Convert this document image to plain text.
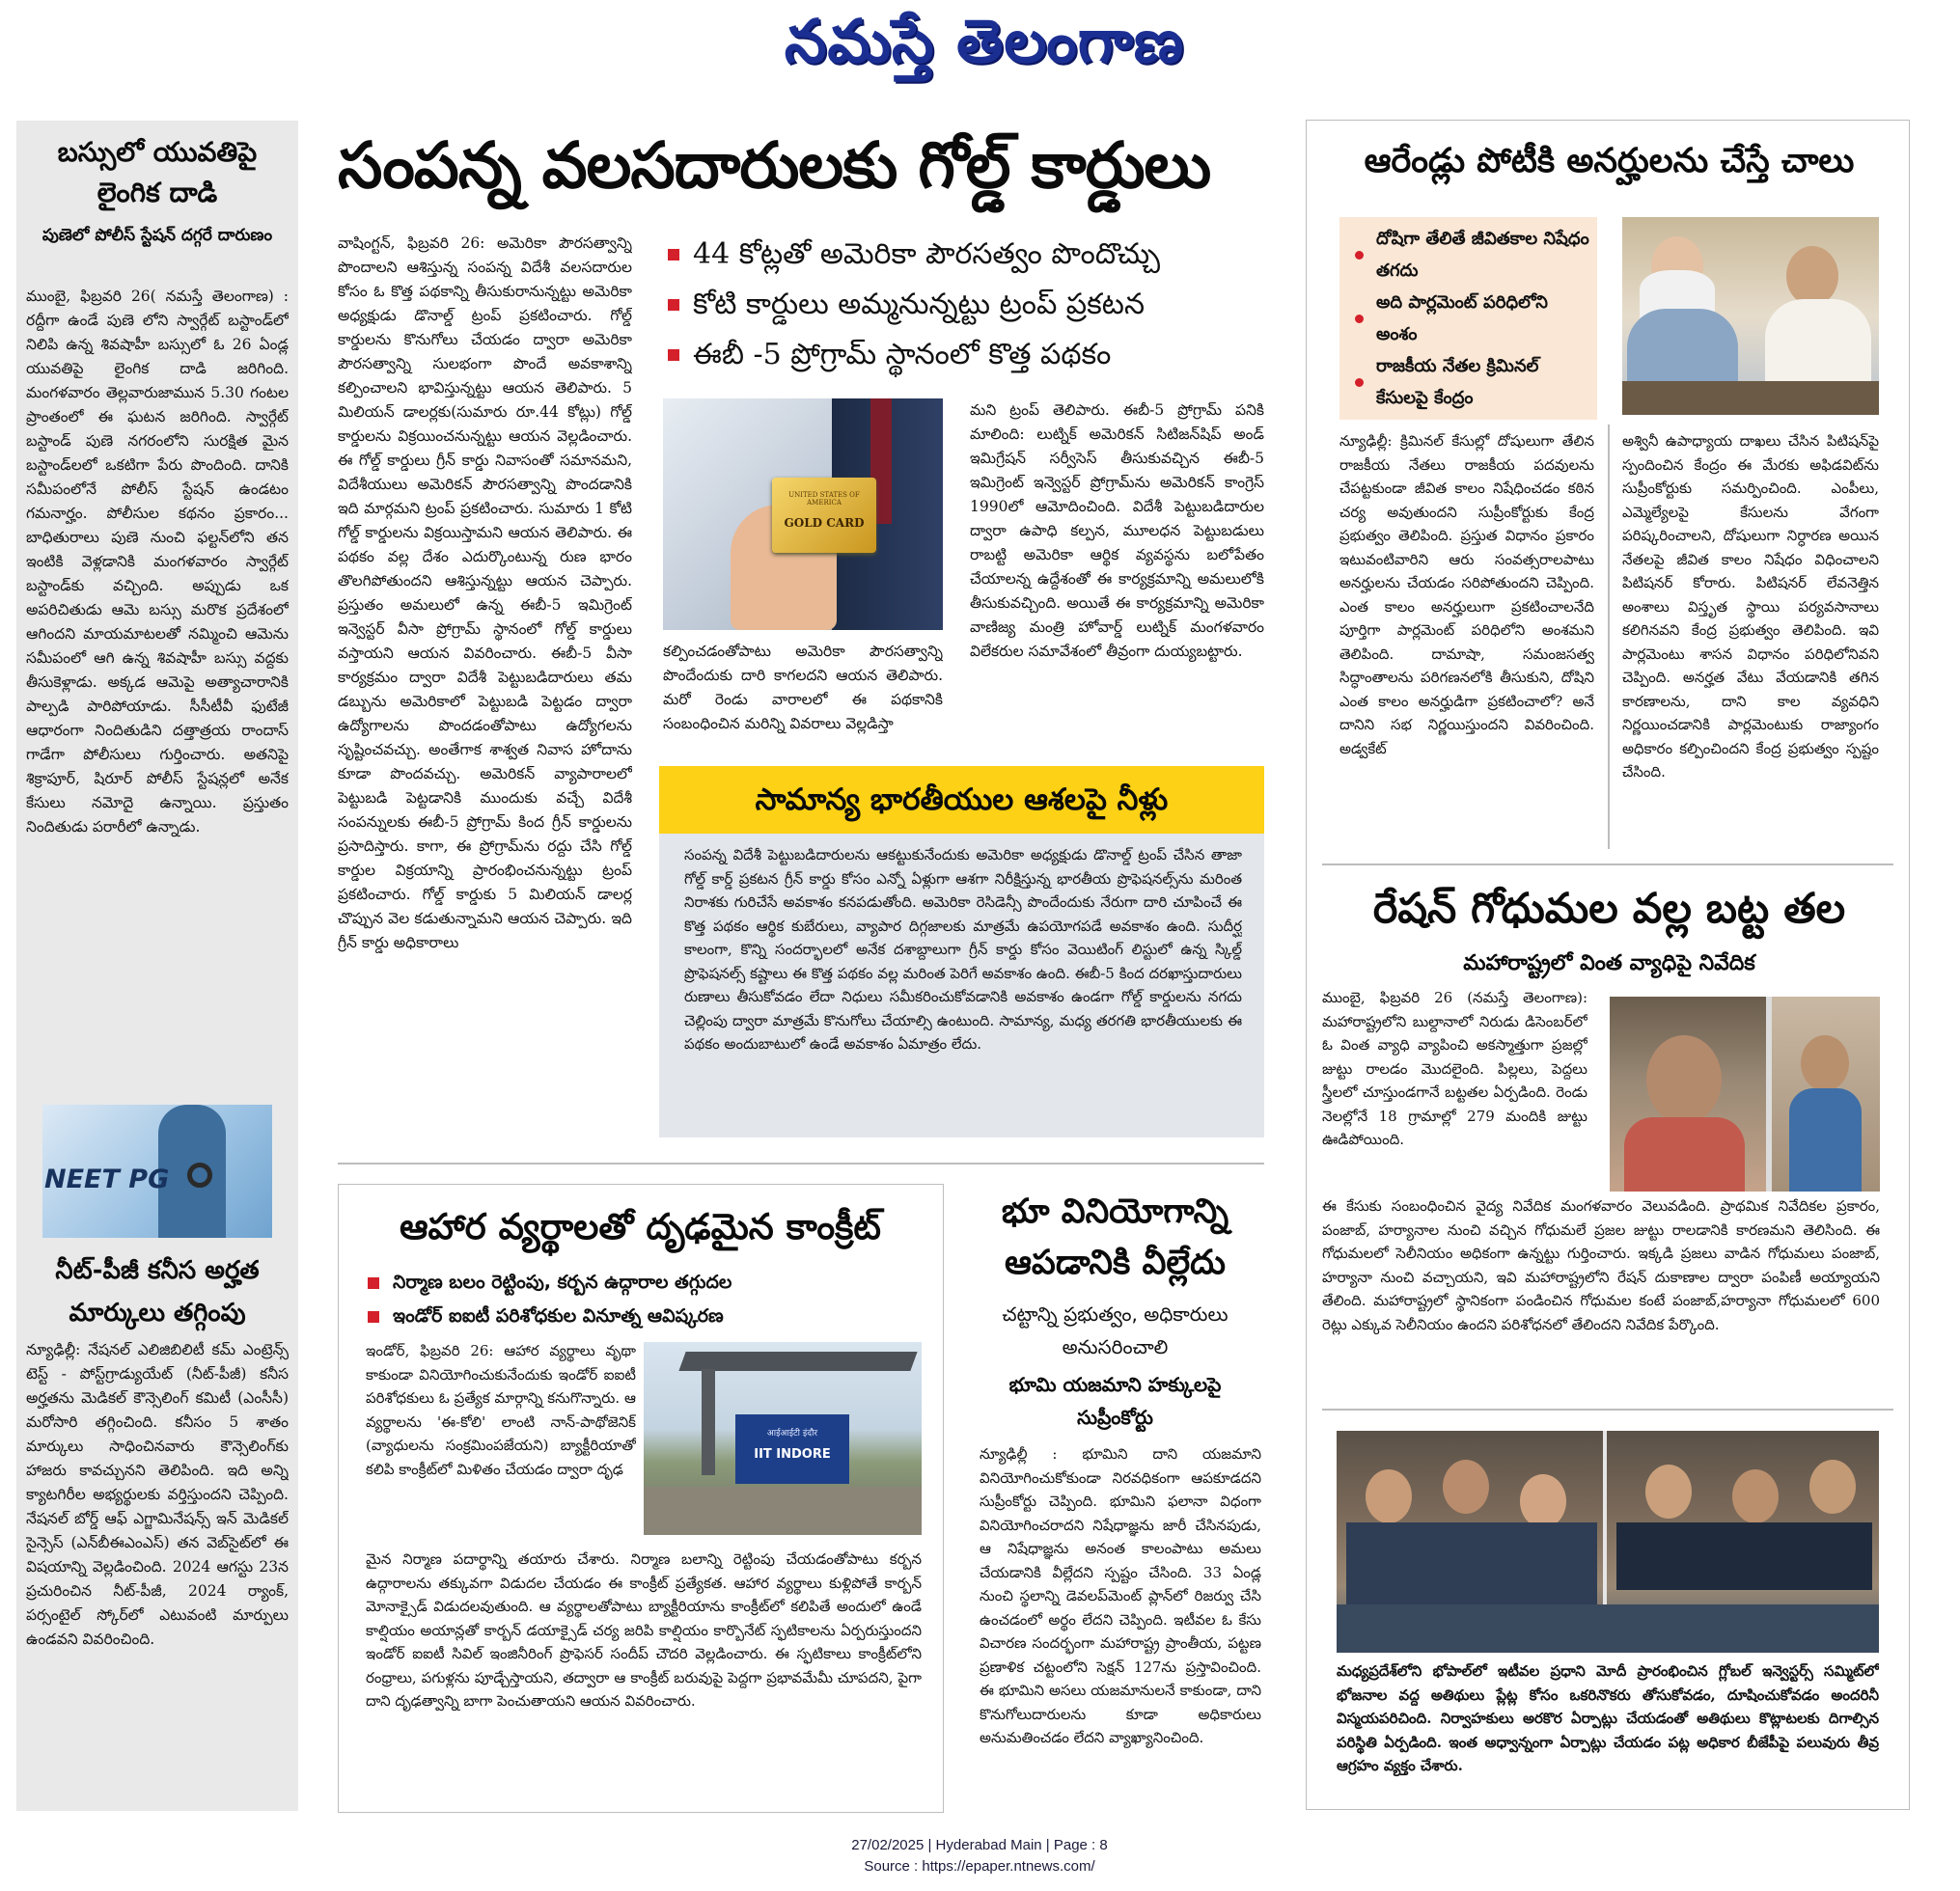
నమస్తే తెలంగాణ
బస్సులో యువతిపై లైంగిక దాడి
పుణెలో పోలీస్ స్టేషన్ దగ్గరే దారుణం
ముంబై, ఫిబ్రవరి 26( నమస్తే తెలంగాణ) : రద్దీగా ఉండే పుణె లోని స్వార్గేట్ బస్టాండ్‌లో నిలిపి ఉన్న శివషాహీ బస్సులో ఓ 26 ఏండ్ల యువతిపై లైంగిక దాడి జరిగింది. మంగళవారం తెల్లవారుజామున 5.30 గంటల ప్రాంతంలో ఈ ఘటన జరిగింది. స్వార్గేట్ బస్టాండ్ పుణె నగరంలోని సురక్షిత మైన బస్టాండ్‌లలో ఒకటిగా పేరు పొందింది. దానికి సమీపంలోనే పోలీస్ స్టేషన్ ఉండటం గమనార్హం. పోలీసుల కథనం ప్రకారం... బాధితురాలు పుణె నుంచి ఫల్టన్‌లోని తన ఇంటికి వెళ్లడానికి మంగళవారం స్వార్గేట్ బస్టాండ్‌కు వచ్చింది. అప్పుడు ఒక అపరిచితుడు ఆమె బస్సు మరొక ప్రదేశంలో ఆగిందని మాయమాటలతో నమ్మించి ఆమెను సమీపంలో ఆగి ఉన్న శివషాహీ బస్సు వద్దకు తీసుకెళ్లాడు. అక్కడ ఆమెపై అత్యాచారానికి పాల్పడి పారిపోయాడు. సీసీటీవీ ఫుటేజీ ఆధారంగా నిందితుడిని దత్తాత్రయ రాందాస్ గాడేగా పోలీసులు గుర్తించారు. అతనిపై శిక్రాపూర్, షిరూర్ పోలీస్ స్టేషన్లలో అనేక కేసులు నమోదై ఉన్నాయి. ప్రస్తుతం నిందితుడు పరారీలో ఉన్నాడు.
NEET PG
నీట్-పీజీ కనీస అర్హత మార్కులు తగ్గింపు
న్యూఢిల్లీ: నేషనల్ ఎలిజిబిలిటీ కమ్ ఎంట్రెన్స్ టెస్ట్ - పోస్ట్‌గ్రాడ్యుయేట్ (నీట్-పీజీ) కనీస అర్హతను మెడికల్ కౌన్సెలింగ్ కమిటీ (ఎంసీసీ) మరోసారి తగ్గించింది. కనీసం 5 శాతం మార్కులు సాధించినవారు కౌన్సెలింగ్‌కు హాజరు కావచ్చునని తెలిపింది. ఇది అన్ని క్యాటగిరీల అభ్యర్థులకు వర్తిస్తుందని చెప్పింది. నేషనల్ బోర్డ్ ఆఫ్ ఎగ్జామినేషన్స్ ఇన్ మెడికల్ సైన్సెస్ (ఎన్‌బీఈఎంఎస్) తన వెబ్‌సైట్‌లో ఈ విషయాన్ని వెల్లడించింది. 2024 ఆగస్టు 23న ప్రచురించిన నీట్-పీజీ, 2024 ర్యాంక్, పర్సంటైల్ స్కోర్‌లో ఎటువంటి మార్పులు ఉండవని వివరించింది.
సంపన్న వలసదారులకు గోల్డ్ కార్డులు
వాషింగ్టన్, ఫిబ్రవరి 26: అమెరికా పౌరసత్వాన్ని పొందాలని ఆశిస్తున్న సంపన్న విదేశీ వలసదారుల కోసం ఓ కొత్త పథకాన్ని తీసుకురానున్నట్టు అమెరికా అధ్యక్షుడు డొనాల్డ్ ట్రంప్ ప్రకటించారు. గోల్డ్ కార్డులను కొనుగోలు చేయడం ద్వారా అమెరికా పౌరసత్వాన్ని సులభంగా పొందే అవకాశాన్ని కల్పించాలని భావిస్తున్నట్టు ఆయన తెలిపారు. 5 మిలియన్ డాలర్లకు(సుమారు రూ.44 కోట్లు) గోల్డ్ కార్డులను విక్రయించనున్నట్టు ఆయన వెల్లడించారు. ఈ గోల్డ్ కార్డులు గ్రీన్ కార్డు నివాసంతో సమానమని, విదేశీయులు అమెరికన్ పౌరసత్వాన్ని పొందడానికి ఇది మార్గమని ట్రంప్ ప్రకటించారు. సుమారు 1 కోటి గోల్డ్ కార్డులను విక్రయిస్తామని ఆయన తెలిపారు. ఈ పథకం వల్ల దేశం ఎదుర్కొంటున్న రుణ భారం తొలగిపోతుందని ఆశిస్తున్నట్టు ఆయన చెప్పారు. ప్రస్తుతం అమలులో ఉన్న ఈబీ-5 ఇమిగ్రెంట్ ఇన్వెస్టర్ వీసా ప్రోగ్రామ్ స్థానంలో గోల్డ్ కార్డులు వస్తాయని ఆయన వివరించారు. ఈబీ-5 వీసా కార్యక్రమం ద్వారా విదేశీ పెట్టుబడిదారులు తమ డబ్బును అమెరికాలో పెట్టుబడి పెట్టడం ద్వారా ఉద్యోగాలను పొందడంతోపాటు ఉద్యోగలను సృష్టించవచ్చు. అంతేగాక శాశ్వత నివాస హోదాను కూడా పొందవచ్చు. అమెరికన్ వ్యాపారాలలో పెట్టుబడి పెట్టడానికి ముందుకు వచ్చే విదేశీ సంపన్నులకు ఈబీ-5 ప్రోగ్రామ్ కింద గ్రీన్ కార్డులను ప్రసాదిస్తారు. కాగా, ఈ ప్రోగ్రామ్‌ను రద్దు చేసి గోల్డ్ కార్డుల విక్రయాన్ని ప్రారంభించనున్నట్టు ట్రంప్ ప్రకటించారు. గోల్డ్ కార్డుకు 5 మిలియన్ డాలర్ల చొప్పున వెల కడుతున్నామని ఆయన చెప్పారు. ఇది గ్రీన్ కార్డు అధికారాలు
44 కోట్లతో అమెరికా పౌరసత్వం పొందొచ్చు
కోటి కార్డులు అమ్మనున్నట్టు ట్రంప్ ప్రకటన
ఈబీ -5 ప్రోగ్రామ్ స్థానంలో కొత్త పథకం
UNITED STATES OF AMERICA
GOLD CARD
కల్పించడంతోపాటు అమెరికా పౌరసత్వాన్ని పొందేందుకు దారి కాగలదని ఆయన తెలిపారు. మరో రెండు వారాలలో ఈ పథకానికి సంబంధించిన మరిన్ని వివరాలు వెల్లడిస్తా
మని ట్రంప్ తెలిపారు. ఈబీ-5 ప్రోగ్రామ్ పనికి మాలింది: లుట్నిక్ అమెరికన్ సిటిజన్‌షిప్ అండ్ ఇమిగ్రేషన్ సర్వీసెస్ తీసుకువచ్చిన ఈబీ-5 ఇమిగ్రెంట్ ఇన్వెస్టర్ ప్రోగ్రామ్‌ను అమెరికన్ కాంగ్రెస్ 1990లో ఆమోదించింది. విదేశీ పెట్టుబడిదారుల ద్వారా ఉపాధి కల్పన, మూలధన పెట్టుబడులు రాబట్టి అమెరికా ఆర్థిక వ్యవస్థను బలోపేతం చేయాలన్న ఉద్దేశంతో ఈ కార్యక్రమాన్ని అమలులోకి తీసుకువచ్చింది. అయితే ఈ కార్యక్రమాన్ని అమెరికా వాణిజ్య మంత్రి హోవార్డ్ లుట్నిక్ మంగళవారం విలేకరుల సమావేశంలో తీవ్రంగా దుయ్యబట్టారు.
సామాన్య భారతీయుల ఆశలపై నీళ్లు
సంపన్న విదేశీ పెట్టుబడిదారులను ఆకట్టుకునేందుకు అమెరికా అధ్యక్షుడు డొనాల్డ్ ట్రంప్ చేసిన తాజా గోల్డ్ కార్డ్ ప్రకటన గ్రీన్ కార్డు కోసం ఎన్నో ఏళ్లుగా ఆశగా నిరీక్షిస్తున్న భారతీయ ప్రొఫెషనల్స్‌ను మరింత నిరాశకు గురిచేసే అవకాశం కనపడుతోంది. అమెరికా రెసిడెన్సీ పొందేందుకు నేరుగా దారి చూపించే ఈ కొత్త పథకం ఆర్థిక కుబేరులు, వ్యాపార దిగ్గజాలకు మాత్రమే ఉపయోగపడే అవకాశం ఉంది. సుదీర్ఘ కాలంగా, కొన్ని సందర్భాలలో అనేక దశాబ్దాలుగా గ్రీన్ కార్డు కోసం వెయిటింగ్ లిస్టులో ఉన్న స్కిల్డ్ ప్రొఫెషనల్స్ కష్టాలు ఈ కొత్త పథకం వల్ల మరింత పెరిగే అవకాశం ఉంది. ఈబీ-5 కింద దరఖాస్తుదారులు రుణాలు తీసుకోవడం లేదా నిధులు సమీకరించుకోవడానికి అవకాశం ఉండగా గోల్డ్ కార్డులను నగదు చెల్లింపు ద్వారా మాత్రమే కొనుగోలు చేయాల్సి ఉంటుంది. సామాన్య, మధ్య తరగతి భారతీయులకు ఈ పథకం అందుబాటులో ఉండే అవకాశం ఏమాత్రం లేదు.
ఆహార వ్యర్థాలతో దృఢమైన కాంక్రీట్
నిర్మాణ బలం రెట్టింపు, కర్బన ఉద్గారాల తగ్గుదల
ఇండోర్ ఐఐటీ పరిశోధకుల వినూత్న ఆవిష్కరణ
ఇండోర్, ఫిబ్రవరి 26: ఆహార వ్యర్థాలు వృథా కాకుండా వినియోగించుకునేందుకు ఇండోర్ ఐఐటీ పరిశోధకులు ఓ ప్రత్యేక మార్గాన్ని కనుగొన్నారు. ఆ వ్యర్థాలను 'ఈ-కోలి' లాంటి నాన్-పాథోజెనిక్ (వ్యాధులను సంక్రమింపజేయని) బ్యాక్టీరియాతో కలిపి కాంక్రీట్‌లో మిళితం చేయడం ద్వారా దృఢ
आईआईटी इंदौर
IIT INDORE
మైన నిర్మాణ పదార్థాన్ని తయారు చేశారు. నిర్మాణ బలాన్ని రెట్టింపు చేయడంతోపాటు కర్బన ఉద్గారాలను తక్కువగా విడుదల చేయడం ఈ కాంక్రీట్ ప్రత్యేకత. ఆహార వ్యర్థాలు కుళ్లిపోతే కార్బన్ మోనాక్సైడ్ విడుదలవుతుంది. ఆ వ్యర్థాలతోపాటు బ్యాక్టీరియాను కాంక్రీట్‌లో కలిపితే అందులో ఉండే కాల్షియం అయాన్లతో కార్బన్ డయాక్సైడ్ చర్య జరిపి కాల్షియం కార్బొనేట్ స్ఫటికాలను ఏర్పరుస్తుందని ఇండోర్ ఐఐటీ సివిల్ ఇంజినీరింగ్ ప్రొఫెసర్ సందీప్ చౌదరి వెల్లడించారు. ఈ స్ఫటికాలు కాంక్రీట్‌లోని రంధ్రాలు, పగుళ్లను పూడ్చేస్తాయని, తద్వారా ఆ కాంక్రీట్ బరువుపై పెద్దగా ప్రభావమేమీ చూపదని, పైగా దాని దృఢత్వాన్ని బాగా పెంచుతాయని ఆయన వివరించారు.
భూ వినియోగాన్ని ఆపడానికి వీల్లేదు
చట్టాన్ని ప్రభుత్వం, అధికారులు అనుసరించాలి
భూమి యజమాని హక్కులపై సుప్రీంకోర్టు
న్యూఢిల్లీ : భూమిని దాని యజమాని వినియోగించుకోకుండా నిరవధికంగా ఆపకూడదని సుప్రీంకోర్టు చెప్పింది. భూమిని ఫలానా విధంగా వినియోగించరాదని నిషేధాజ్ఞను జారీ చేసినపుడు, ఆ నిషేధాజ్ఞను అనంత కాలంపాటు అమలు చేయడానికి వీల్లేదని స్పష్టం చేసింది. 33 ఏండ్ల నుంచి స్థలాన్ని డెవలప్‌మెంట్ ప్లాన్‌లో రిజర్వు చేసి ఉంచడంలో అర్థం లేదని చెప్పింది. ఇటీవల ఓ కేసు విచారణ సందర్భంగా మహారాష్ట్ర ప్రాంతీయ, పట్టణ ప్రణాళిక చట్టంలోని సెక్షన్ 127ను ప్రస్తావించింది. ఈ భూమిని అసలు యజమానులనే కాకుండా, దాని కొనుగోలుదారులను కూడా అధికారులు అనుమతించడం లేదని వ్యాఖ్యానించింది.
ఆరేండ్లు పోటీకి అనర్హులను చేస్తే చాలు
దోషిగా తేలితే జీవితకాల నిషేధం తగదు
అది పార్లమెంట్ పరిధిలోని అంశం
రాజకీయ నేతల క్రిమినల్ కేసులపై కేంద్రం
న్యూఢిల్లీ: క్రిమినల్ కేసుల్లో దోషులుగా తేలిన రాజకీయ నేతలు రాజకీయ పదవులను చేపట్టకుండా జీవిత కాలం నిషేధించడం కఠిన చర్య అవుతుందని సుప్రీంకోర్టుకు కేంద్ర ప్రభుత్వం తెలిపింది. ప్రస్తుత విధానం ప్రకారం ఇటువంటివారిని ఆరు సంవత్సరాలపాటు అనర్హులను చేయడం సరిపోతుందని చెప్పింది. ఎంత కాలం అనర్హులుగా ప్రకటించాలనేది పూర్తిగా పార్లమెంట్ పరిధిలోని అంశమని తెలిపింది. దామాషా, సమంజసత్వ సిద్ధాంతాలను పరిగణనలోకి తీసుకుని, దోషిని ఎంత కాలం అనర్హుడిగా ప్రకటించాలో? అనే దానిని సభ నిర్ణయిస్తుందని వివరించింది. అడ్వకేట్
అశ్వినీ ఉపాధ్యాయ దాఖలు చేసిన పిటిషన్‌పై స్పందించిన కేంద్రం ఈ మేరకు అఫిడవిట్‌ను సుప్రీంకోర్టుకు సమర్పించింది. ఎంపీలు, ఎమ్మెల్యేలపై కేసులను వేగంగా పరిష్కరించాలని, దోషులుగా నిర్ధారణ అయిన నేతలపై జీవిత కాలం నిషేధం విధించాలని పిటిషనర్ కోరారు. పిటిషనర్ లేవనెత్తిన అంశాలు విస్తృత స్థాయి పర్యవసానాలు కలిగినవని కేంద్ర ప్రభుత్వం తెలిపింది. ఇవి పార్లమెంటు శాసన విధానం పరిధిలోనివని చెప్పింది. అనర్హత వేటు వేయడానికి తగిన కారణాలను, దాని కాల వ్యవధిని నిర్ణయించడానికి పార్లమెంటుకు రాజ్యాంగం అధికారం కల్పించిందని కేంద్ర ప్రభుత్వం స్పష్టం చేసింది.
రేషన్ గోధుమల వల్ల బట్ట తల
మహారాష్ట్రలో వింత వ్యాధిపై నివేదిక
ముంబై, ఫిబ్రవరి 26 (నమస్తే తెలంగాణ): మహారాష్ట్రలోని బుల్దానాలో నిరుడు డిసెంబర్‌లో ఓ వింత వ్యాధి వ్యాపించి అకస్మాత్తుగా ప్రజల్లో జుట్టు రాలడం మొదలైంది. పిల్లలు, పెద్దలు స్త్రీలలో చూస్తుండగానే బట్టతల ఏర్పడింది. రెండు నెలల్లోనే 18 గ్రామాల్లో 279 మందికి జుట్టు ఊడిపోయింది.
ఈ కేసుకు సంబంధించిన వైద్య నివేదిక మంగళవారం వెలువడింది. ప్రాథమిక నివేదికల ప్రకారం, పంజాబ్, హర్యానాల నుంచి వచ్చిన గోధుమలే ప్రజల జుట్టు రాలడానికి కారణమని తెలిసింది. ఈ గోధుమలలో సెలీనియం అధికంగా ఉన్నట్టు గుర్తించారు. ఇక్కడి ప్రజలు వాడిన గోధుమలు పంజాబ్, హర్యానా నుంచి వచ్చాయని, ఇవి మహారాష్ట్రలోని రేషన్ దుకాణాల ద్వారా పంపిణీ అయ్యాయని తేలింది. మహారాష్ట్రలో స్థానికంగా పండించిన గోధుమల కంటే పంజాబ్,హర్యానా గోధుమలలో 600 రెట్లు ఎక్కువ సెలీనియం ఉందని పరిశోధనలో తేలిందని నివేదిక పేర్కొంది.
మధ్యప్రదేశ్‌లోని భోపాల్‌లో ఇటీవల ప్రధాని మోదీ ప్రారంభించిన గ్లోబల్ ఇన్వెస్టర్స్ సమ్మిట్‌లో భోజనాల వద్ద అతిథులు ప్లేట్ల కోసం ఒకరినొకరు తోసుకోవడం, దూషించుకోవడం అందరినీ విస్మయపరిచింది. నిర్వాహకులు అరకొర ఏర్పాట్లు చేయడంతో అతిథులు కొట్లాటలకు దిగాల్సిన పరిస్థితి ఏర్పడింది. ఇంత అధ్వాన్నంగా ఏర్పాట్లు చేయడం పట్ల అధికార బీజేపీపై పలువురు తీవ్ర ఆగ్రహం వ్యక్తం చేశారు.
27/02/2025 | Hyderabad Main | Page : 8
Source : https://epaper.ntnews.com/
